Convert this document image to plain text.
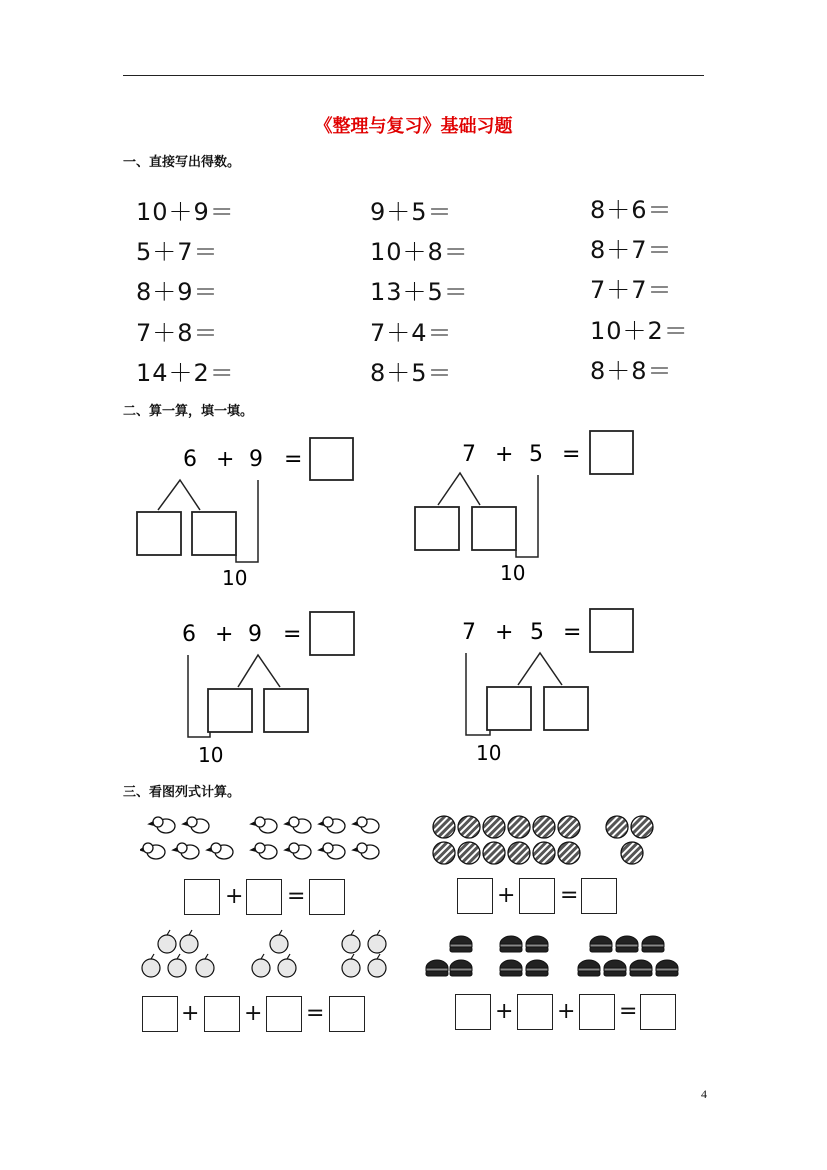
《整理与复习》基础习题
一、直接写出得数。
10＋9＝	9＋5＝	8＋6＝
5＋7＝	10＋8＝	8＋7＝
8＋9＝	13＋5＝	7＋7＝
7＋8＝	7＋4＝	10＋2＝
14＋2＝	8＋5＝	8＋8＝
二、算一算，填一填。
6 + 9 =
10
7 + 5 =
10
6 + 9 =
10
7 + 5 =
10
三、看图列式计算。
+ =	+ =
+ + =	+ + =
4
